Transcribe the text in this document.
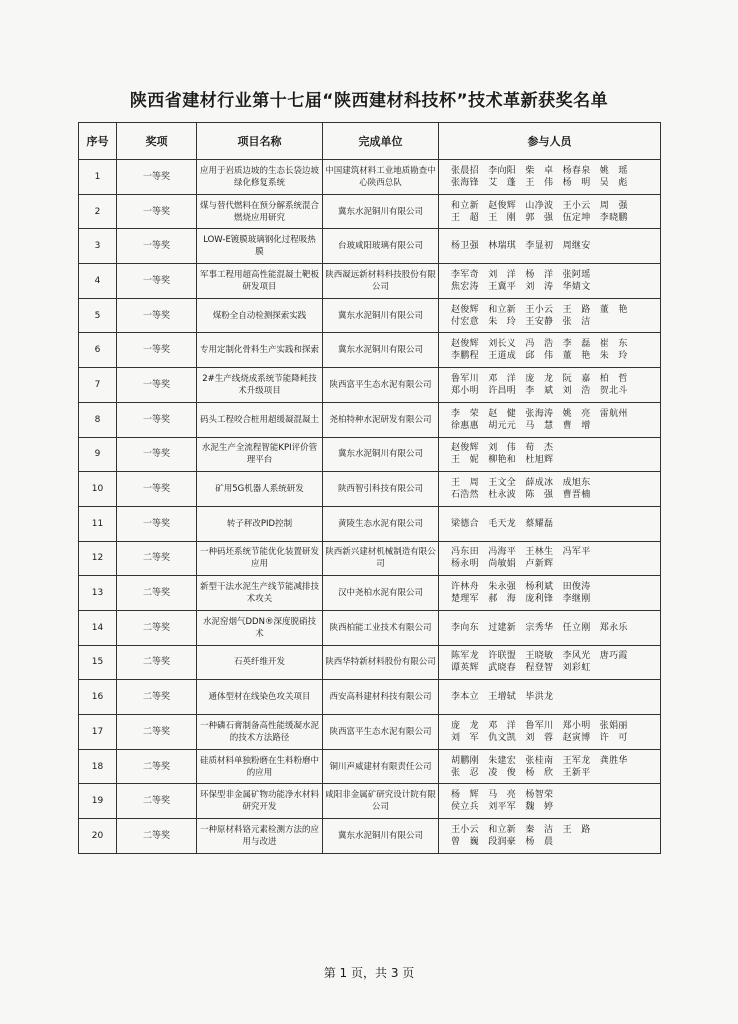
陕西省建材行业第十七届“陕西建材科技杯”技术革新获奖名单
序号	奖项	项目名称	完成单位	参与人员
1	一等奖	应用于岩质边坡的生态长袋边坡绿化修复系统	中国建筑材料工业地质勘查中心陕西总队	张晨招　李向阳　柴　卓　杨春泉　姚　瑶
张海锋　艾　蓬　王　伟　杨　明　吴　彪

2	一等奖	煤与替代燃料在预分解系统混合燃烧应用研究	冀东水泥铜川有限公司	和立新　赵俊辉　山净波　王小云　周　强
王　超　王　刚　郭　强　伍定坤　李晓鹏

3	一等奖	LOW-E镀膜玻璃钢化过程吸热膜	台玻咸阳玻璃有限公司	杨卫强　林瑞琪　李显初　周继安

4	一等奖	军事工程用超高性能混凝土靶板研发项目	陕西凝远新材料科技股份有限公司	李军奇　刘　洋　杨　洋　张阿瑶
焦宏涛　王冀平　刘　涛　华婧文

5	一等奖	煤粉全自动检测探索实践	冀东水泥铜川有限公司	赵俊辉　和立新　王小云　王　路　董　艳
付宏意　朱　玲　王安静　张　洁

6	一等奖	专用定制化骨料生产实践和探索	冀东水泥铜川有限公司	赵俊辉　刘长义　冯　浩　李　磊　崔　东
李鹏程　王道成　邱　伟　董　艳　朱　玲

7	一等奖	2#生产线烧成系统节能降耗技术升级项目	陕西富平生态水泥有限公司	鲁军川　邓　洋　庞　龙　阮　嘉　柏　哲
郑小明　许昌明　李　斌　刘　浩　贺北斗

8	一等奖	码头工程咬合桩用超缓凝混凝土	尧柏特种水泥研发有限公司	李　荣　赵　健　张海涛　姚　亮　雷航州
徐惠惠　胡元元　马　慧　曹　增

9	一等奖	水泥生产全流程智能KPI评价管理平台	冀东水泥铜川有限公司	赵俊辉　刘　伟　荀　杰
王　妮　柳艳和　杜旭辉

10	一等奖	矿用5G机器人系统研发	陕西智引科技有限公司	王　周　王文全　薛成冰　成旭东
石浩然　杜永波　陈　强　曹晋楠

11	一等奖	转子秤改PID控制	黄陵生态水泥有限公司	梁德合　毛天龙　蔡耀磊

12	二等奖	一种码坯系统节能优化装置研发应用	陕西新兴建材机械制造有限公司	冯东田　冯海平　王林生　冯军平
杨永明　尚敏娟　卢新辉

13	二等奖	新型干法水泥生产线节能减排技术攻关	汉中尧柏水泥有限公司	许林舟　朱永强　杨利斌　田俊涛
楚理军　郝　海　庞利锋　李继刚

14	二等奖	水泥窑烟气DDN®深度脱硝技术	陕西柏能工业技术有限公司	李向东　过建新　宗秀华　任立刚　郑永乐

15	二等奖	石英纤维开发	陕西华特新材料股份有限公司	陈军龙　许联盟　王晓敏　李风光　唐巧霞
谭英辉　武晓春　程登智　刘彩虹

16	二等奖	通体型材在线染色攻关项目	西安高科建材科技有限公司	李本立　王增轼　毕洪龙

17	二等奖	一种磷石膏制备高性能缓凝水泥的技术方法路径	陕西富平生态水泥有限公司	庞　龙　邓　洋　鲁军川　郑小明　张娟丽
刘　军　仇文凯　刘　蓉　赵寅博　许　可

18	二等奖	硅质材料单独粉磨在生料粉磨中的应用	铜川声威建材有限责任公司	胡鹏刚　朱建宏　张桂南　王军龙　龚胜华
张　忍　凌　俊　杨　欣　王新平

19	二等奖	环保型非金属矿物功能净水材料研究开发	咸阳非金属矿研究设计院有限公司	杨　辉　马　亮　杨智荣
侯立兵　刘平军　魏　婷

20	二等奖	一种原材料铬元素检测方法的应用与改进	冀东水泥铜川有限公司	王小云　和立新　秦　洁　王　路
曾　巍　段润豪　杨　晨
第 1 页，共 3 页
